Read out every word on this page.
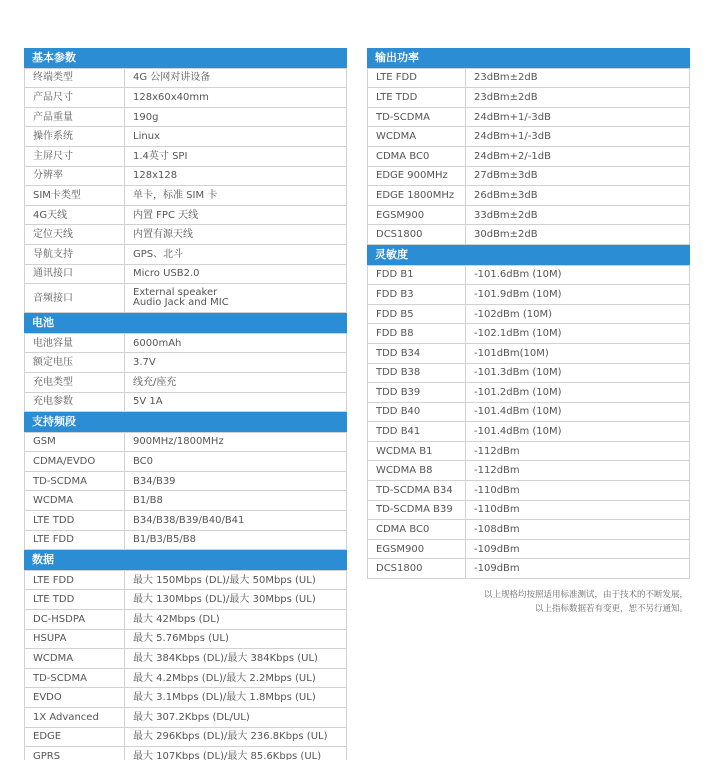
基本参数
终端类型	4G 公网对讲设备
产品尺寸	128x60x40mm
产品重量	190g
操作系统	Linux
主屏尺寸	1.4英寸 SPI
分辨率	128x128
SIM卡类型	单卡，标准 SIM 卡
4G天线	内置 FPC 天线
定位天线	内置有源天线
导航支持	GPS、北斗
通讯接口	Micro USB2.0
音频接口	External speaker
Audio Jack and MIC
电池
电池容量	6000mAh
额定电压	3.7V
充电类型	线充/座充
充电参数	5V 1A
支持频段
GSM	900MHz/1800MHz
CDMA/EVDO	BC0
TD-SCDMA	B34/B39
WCDMA	B1/B8
LTE TDD	B34/B38/B39/B40/B41
LTE FDD	B1/B3/B5/B8
数据
LTE FDD	最大 150Mbps (DL)/最大 50Mbps (UL)
LTE TDD	最大 130Mbps (DL)/最大 30Mbps (UL)
DC-HSDPA	最大 42Mbps (DL)
HSUPA	最大 5.76Mbps (UL)
WCDMA	最大 384Kbps (DL)/最大 384Kbps (UL)
TD-SCDMA	最大 4.2Mbps (DL)/最大 2.2Mbps (UL)
EVDO	最大 3.1Mbps (DL)/最大 1.8Mbps (UL)
1X Advanced	最大 307.2Kbps (DL/UL)
EDGE	最大 296Kbps (DL)/最大 236.8Kbps (UL)
GPRS	最大 107Kbps (DL)/最大 85.6Kbps (UL)
输出功率
LTE FDD	23dBm±2dB
LTE TDD	23dBm±2dB
TD-SCDMA	24dBm+1/-3dB
WCDMA	24dBm+1/-3dB
CDMA BC0	24dBm+2/-1dB
EDGE 900MHz	27dBm±3dB
EDGE 1800MHz	26dBm±3dB
EGSM900	33dBm±2dB
DCS1800	30dBm±2dB
灵敏度
FDD B1	-101.6dBm (10M)
FDD B3	-101.9dBm (10M)
FDD B5	-102dBm (10M)
FDD B8	-102.1dBm (10M)
TDD B34	-101dBm(10M)
TDD B38	-101.3dBm (10M)
TDD B39	-101.2dBm (10M)
TDD B40	-101.4dBm (10M)
TDD B41	-101.4dBm (10M)
WCDMA B1	-112dBm
WCDMA B8	-112dBm
TD-SCDMA B34	-110dBm
TD-SCDMA B39	-110dBm
CDMA BC0	-108dBm
EGSM900	-109dBm
DCS1800	-109dBm
以上规格均按照适用标准测试，由于技术的不断发展，
以上指标数据若有变更，恕不另行通知。
